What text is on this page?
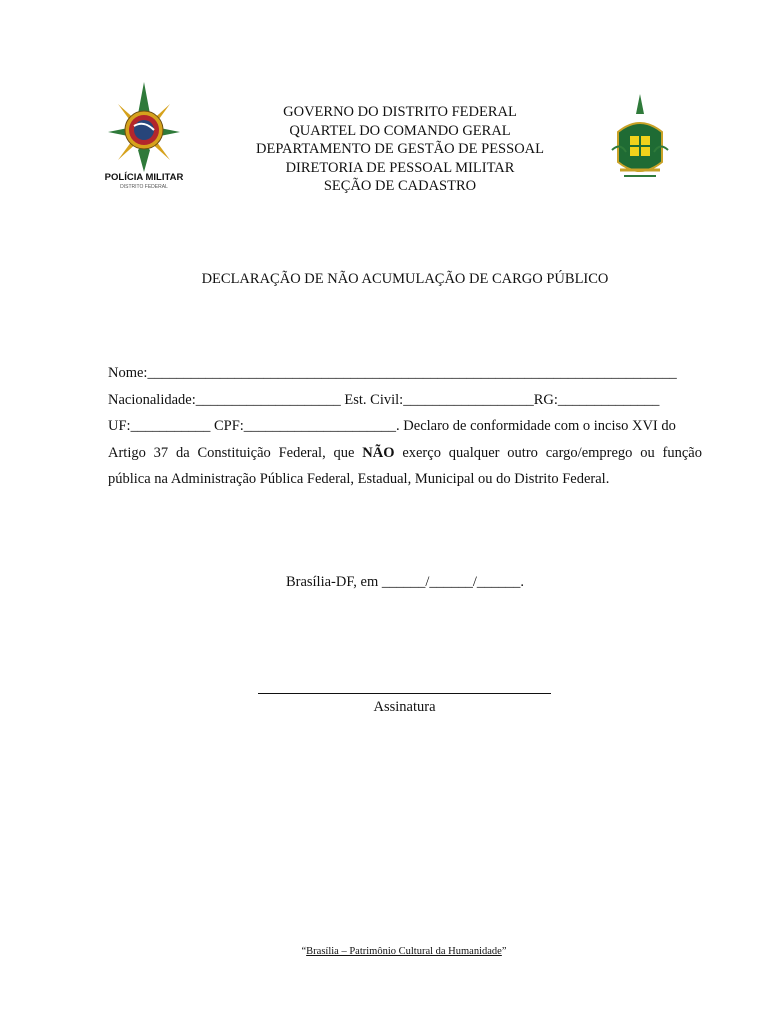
POLÍCIA MILITAR
DISTRITO FEDERAL
GOVERNO DO DISTRITO FEDERAL
QUARTEL DO COMANDO GERAL
DEPARTAMENTO DE GESTÃO DE PESSOAL
DIRETORIA DE PESSOAL MILITAR
SEÇÃO DE CADASTRO
DECLARAÇÃO DE NÃO ACUMULAÇÃO DE CARGO PÚBLICO
Nome:_________________________________________________________________________
Nacionalidade:____________________ Est. Civil:__________________RG:______________
UF:___________ CPF:_____________________. Declaro de conformidade com o inciso XVI do
Artigo 37 da Constituição Federal, que NÃO exerço qualquer outro cargo/emprego ou função
pública na Administração Pública Federal, Estadual, Municipal ou do Distrito Federal.
Brasília-DF, em ______/______/______.
Assinatura
“Brasília – Patrimônio Cultural da Humanidade”
